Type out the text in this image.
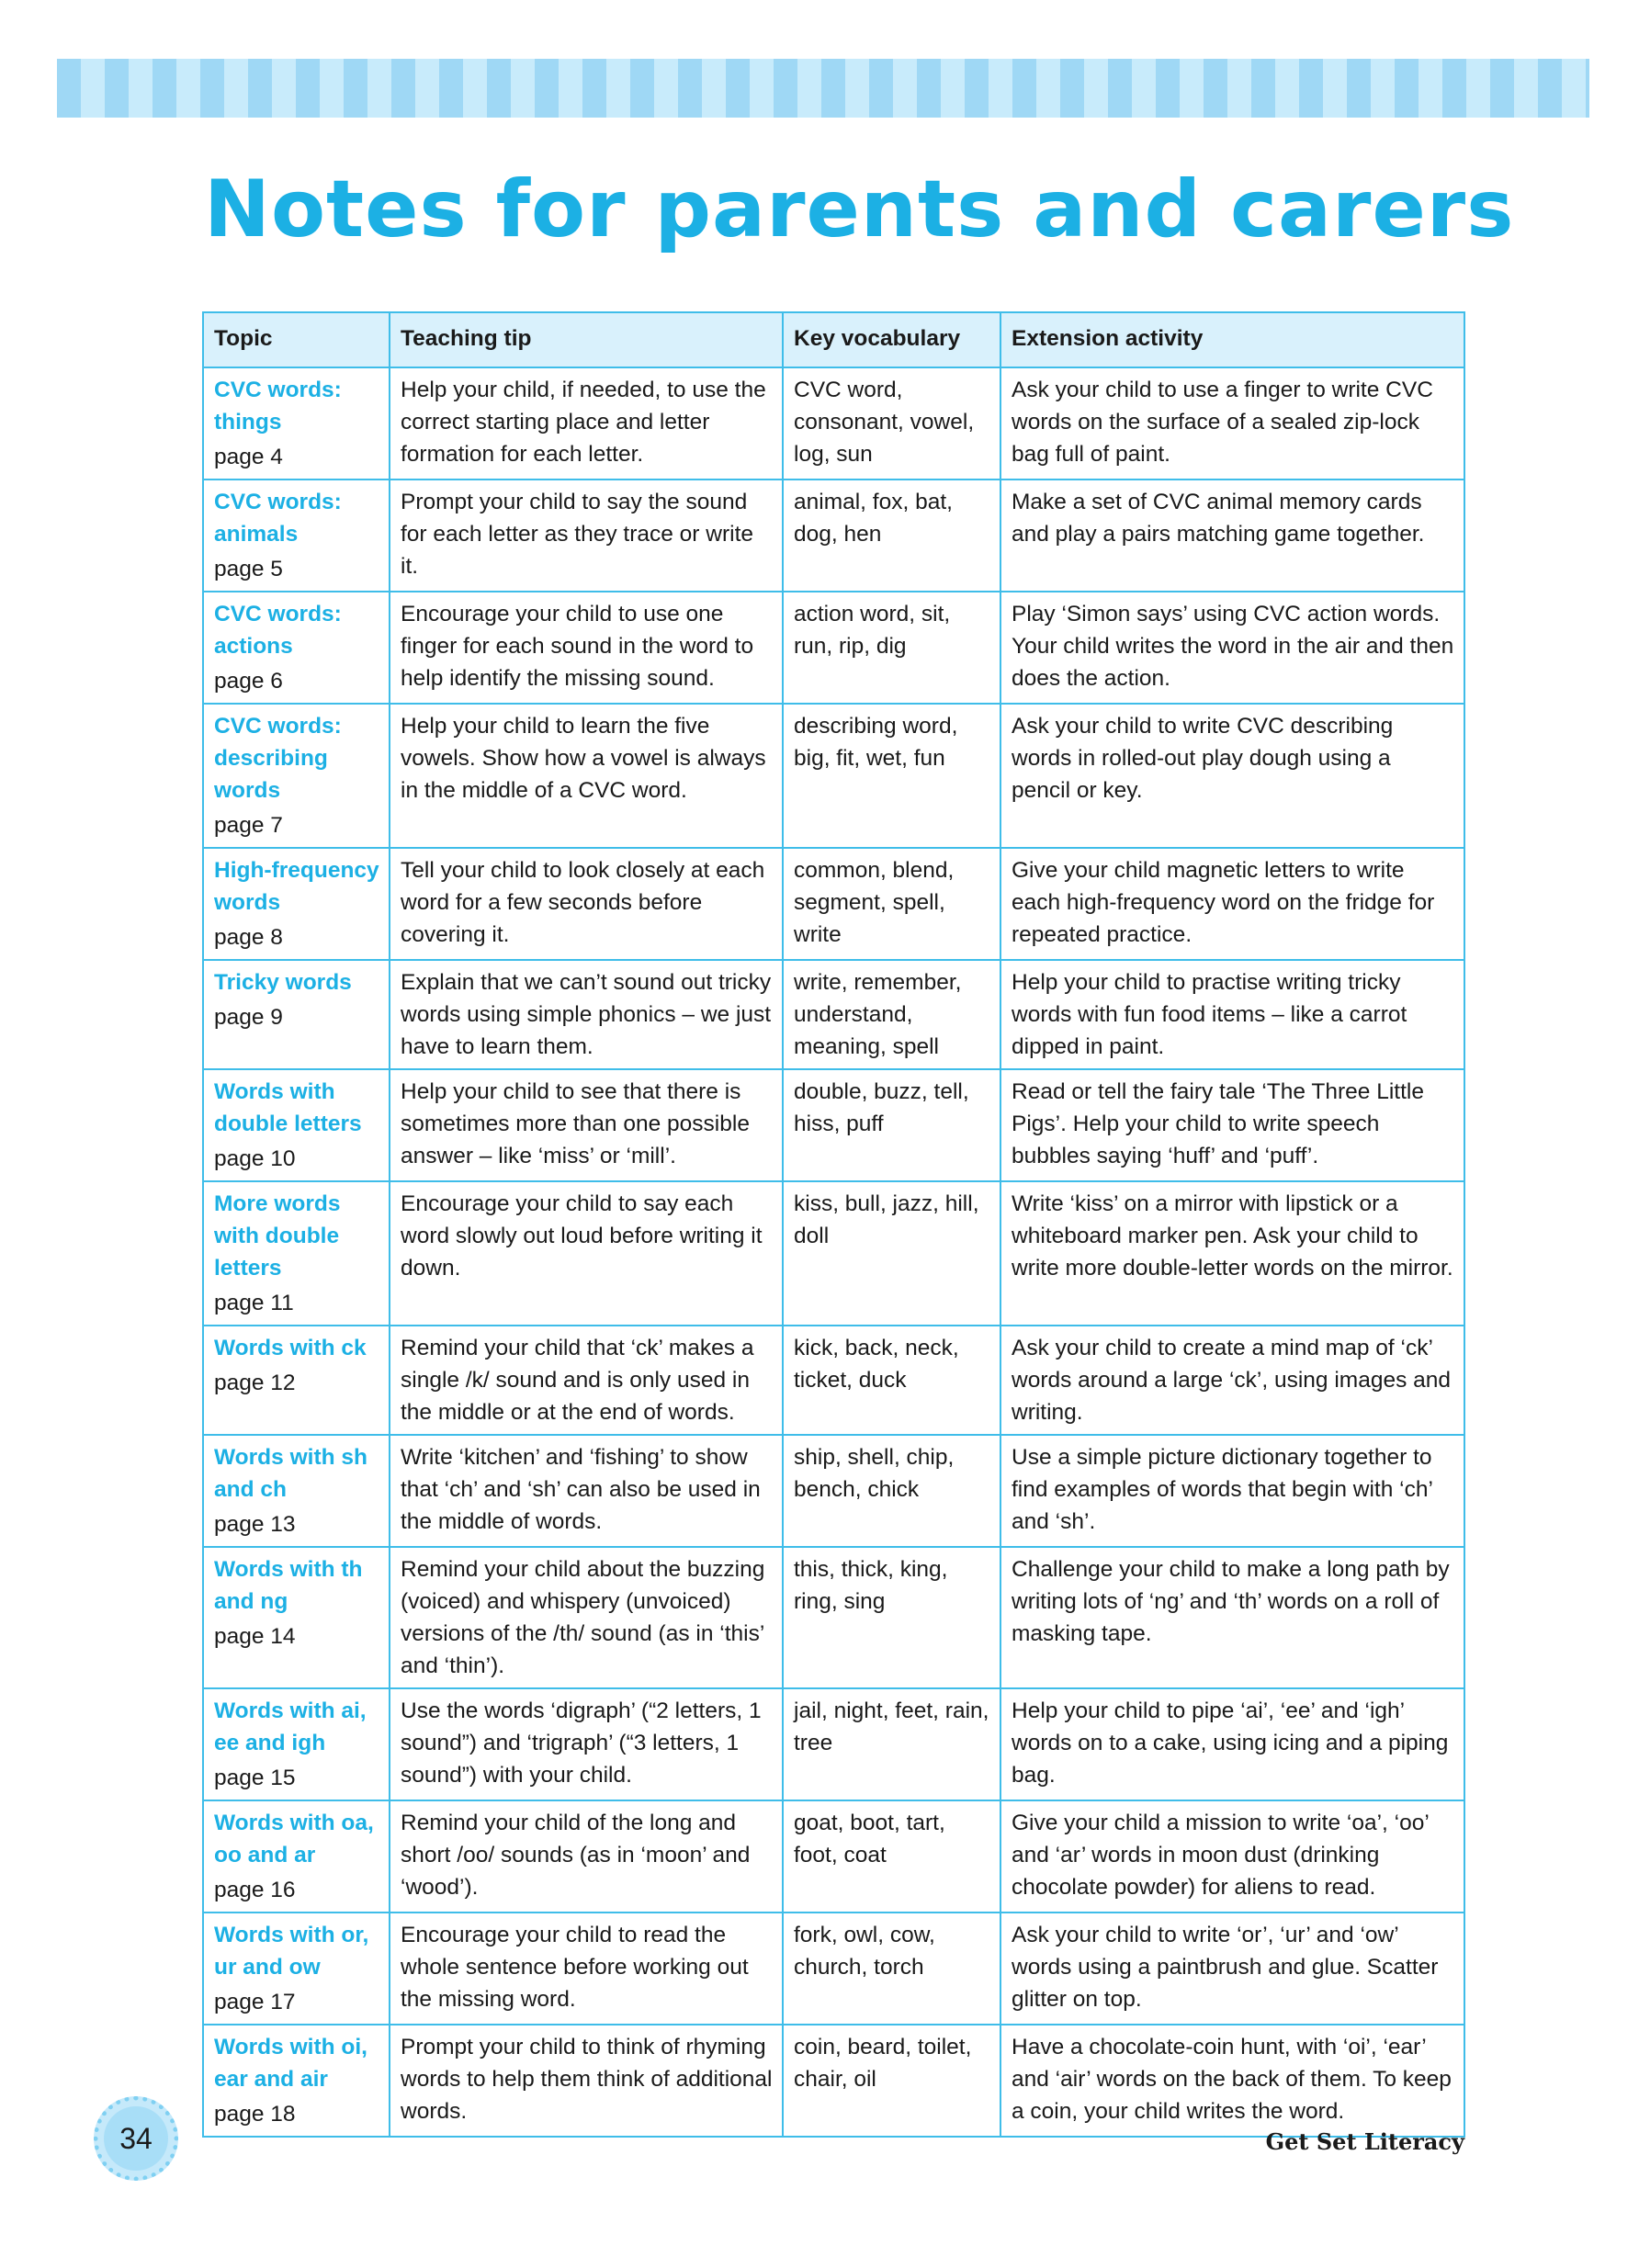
Notes for parents and carers
Topic	Teaching tip	Key vocabulary	Extension activity

CVC words: things
page 4	Help your child, if needed, to use the correct starting place and letter formation for each letter.	CVC word, consonant, vowel, log, sun	Ask your child to use a finger to write CVC words on the surface of a sealed zip-lock bag full of paint.

CVC words: animals
page 5	Prompt your child to say the sound for each letter as they trace or write it.	animal, fox, bat, dog, hen	Make a set of CVC animal memory cards and play a pairs matching game together.

CVC words: actions
page 6	Encourage your child to use one finger for each sound in the word to help identify the missing sound.	action word, sit, run, rip, dig	Play ‘Simon says’ using CVC action words. Your child writes the word in the air and then does the action.

CVC words: describing words
page 7	Help your child to learn the five vowels. Show how a vowel is always in the middle of a CVC word.	describing word, big, fit, wet, fun	Ask your child to write CVC describing words in rolled-out play dough using a pencil or key.

High-frequency words
page 8	Tell your child to look closely at each word for a few seconds before covering it.	common, blend, segment, spell, write	Give your child magnetic letters to write each high-frequency word on the fridge for repeated practice.

Tricky words
page 9	Explain that we can’t sound out tricky words using simple phonics – we just have to learn them.	write, remember, understand, meaning, spell	Help your child to practise writing tricky words with fun food items – like a carrot dipped in paint.

Words with double letters
page 10	Help your child to see that there is sometimes more than one possible answer – like ‘miss’ or ‘mill’.	double, buzz, tell, hiss, puff	Read or tell the fairy tale ‘The Three Little Pigs’. Help your child to write speech bubbles saying ‘huff’ and ‘puff’.

More words with double letters
page 11	Encourage your child to say each word slowly out loud before writing it down.	kiss, bull, jazz, hill, doll	Write ‘kiss’ on a mirror with lipstick or a whiteboard marker pen. Ask your child to write more double-letter words on the mirror.

Words with ck
page 12	Remind your child that ‘ck’ makes a single /k/ sound and is only used in the middle or at the end of words.	kick, back, neck, ticket, duck	Ask your child to create a mind map of ‘ck’ words around a large ‘ck’, using images and writing.

Words with sh and ch
page 13	Write ‘kitchen’ and ‘fishing’ to show that ‘ch’ and ‘sh’ can also be used in the middle of words.	ship, shell, chip, bench, chick	Use a simple picture dictionary together to find examples of words that begin with ‘ch’ and ‘sh’.

Words with th and ng
page 14	Remind your child about the buzzing (voiced) and whispery (unvoiced) versions of the /th/ sound (as in ‘this’ and ‘thin’).	this, thick, king, ring, sing	Challenge your child to make a long path by writing lots of ‘ng’ and ‘th’ words on a roll of masking tape.

Words with ai, ee and igh
page 15	Use the words ‘digraph’ (“2 letters, 1 sound”) and ‘trigraph’ (“3 letters, 1 sound”) with your child.	jail, night, feet, rain, tree	Help your child to pipe ‘ai’, ‘ee’ and ‘igh’ words on to a cake, using icing and a piping bag.

Words with oa, oo and ar
page 16	Remind your child of the long and short /oo/ sounds (as in ‘moon’ and ‘wood’).	goat, boot, tart, foot, coat	Give your child a mission to write ‘oa’, ‘oo’ and ‘ar’ words in moon dust (drinking chocolate powder) for aliens to read.

Words with or, ur and ow
page 17	Encourage your child to read the whole sentence before working out the missing word.	fork, owl, cow, church, torch	Ask your child to write ‘or’, ‘ur’ and ‘ow’ words using a paintbrush and glue. Scatter glitter on top.

Words with oi, ear and air
page 18	Prompt your child to think of rhyming words to help them think of additional words.	coin, beard, toilet, chair, oil	Have a chocolate-coin hunt, with ‘oi’, ‘ear’ and ‘air’ words on the back of them. To keep a coin, your child writes the word.
34	Get Set Literacy
